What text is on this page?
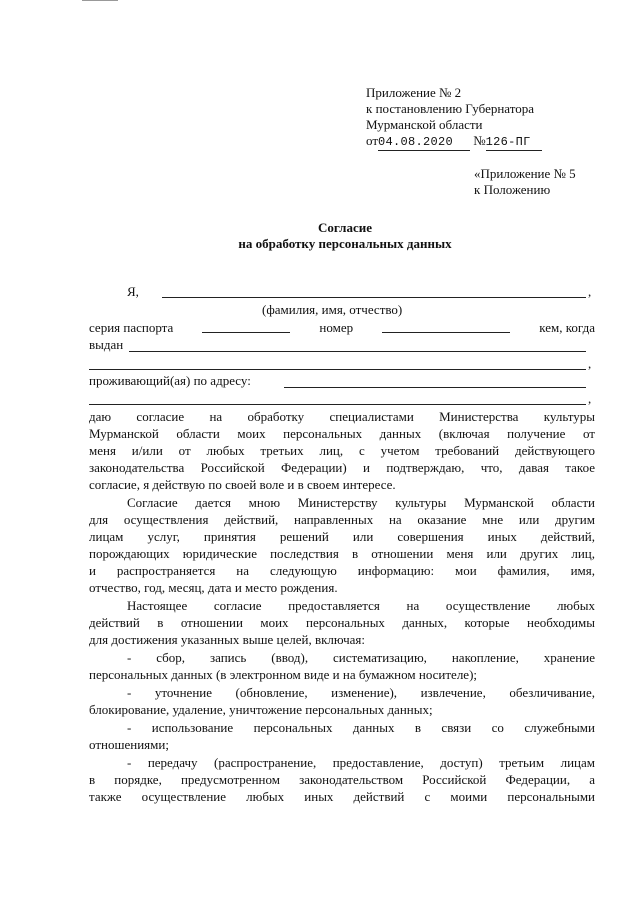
Приложение № 2
к постановлению Губернатора
Мурманской области
от04.08.2020 №126-ПГ
«Приложение № 5
к Положению
Согласие
на обработку персональных данных
Я,	,
(фамилия, имя, отчество)
серия паспорта	номер	кем, когда
выдан
,
проживающий(ая) по адресу:
,
даю согласие на обработку специалистами Министерства культуры
Мурманской области моих персональных данных (включая получение от
меня и/или от любых третьих лиц, с учетом требований действующего
законодательства Российской Федерации) и подтверждаю, что, давая такое
согласие, я действую по своей воле и в своем интересе.
Согласие дается мною Министерству культуры Мурманской области
для осуществления действий, направленных на оказание мне или другим
лицам услуг, принятия решений или совершения иных действий,
порождающих юридические последствия в отношении меня или других лиц,
и распространяется на следующую информацию: мои фамилия, имя,
отчество, год, месяц, дата и место рождения.
Настоящее согласие предоставляется на осуществление любых
действий в отношении моих персональных данных, которые необходимы
для достижения указанных выше целей, включая:
- сбор, запись (ввод), систематизацию, накопление, хранение
персональных данных (в электронном виде и на бумажном носителе);
- уточнение (обновление, изменение), извлечение, обезличивание,
блокирование, удаление, уничтожение персональных данных;
- использование персональных данных в связи со служебными
отношениями;
- передачу (распространение, предоставление, доступ) третьим лицам
в порядке, предусмотренном законодательством Российской Федерации, а
также осуществление любых иных действий с моими персональными
